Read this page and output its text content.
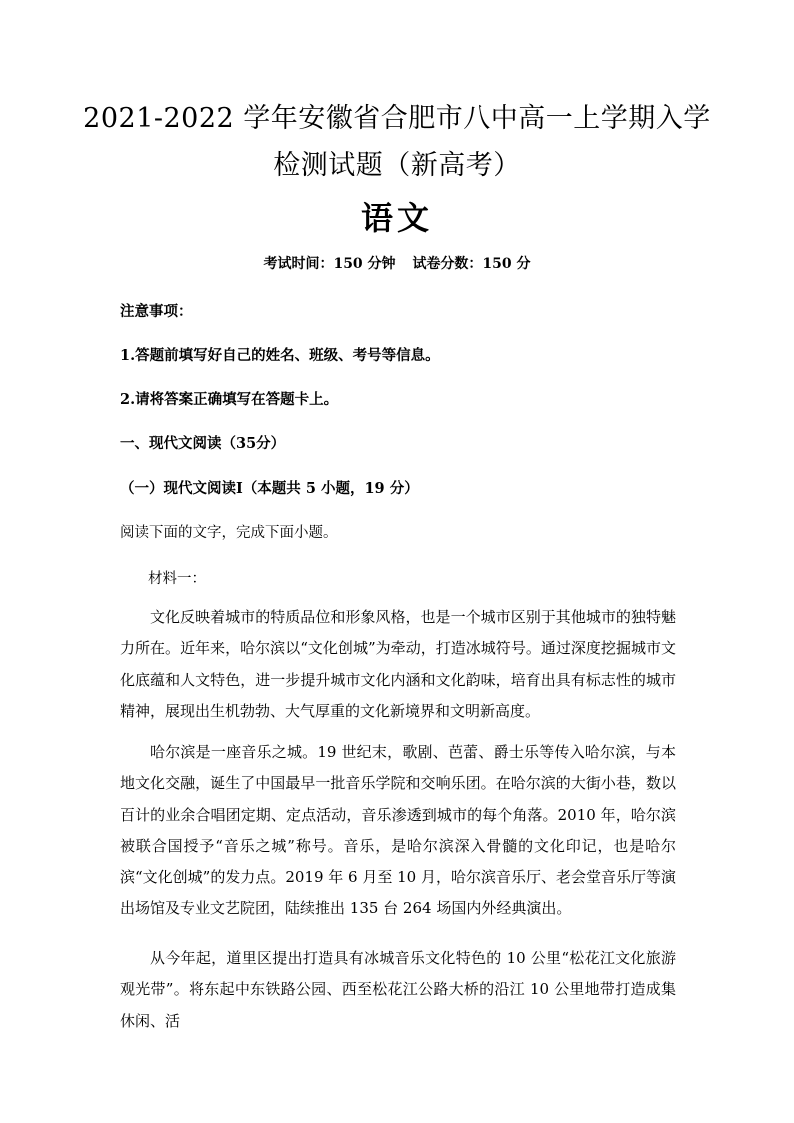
2021-2022 学年安徽省合肥市八中高一上学期入学
检测试题（新高考）
语文
考试时间：150 分钟 试卷分数：150 分
注意事项：
1.答题前填写好自己的姓名、班级、考号等信息。
2.请将答案正确填写在答题卡上。
一、现代文阅读（35分）
（一）现代文阅读Ⅰ（本题共 5 小题，19 分）
阅读下面的文字，完成下面小题。
材料一：

文化反映着城市的特质品位和形象风格，也是一个城市区别于其他城市的独特魅力所在。近年来，哈尔滨以“文化创城”为牵动，打造冰城符号。通过深度挖掘城市文化底蕴和人文特色，进一步提升城市文化内涵和文化韵味，培育出具有标志性的城市精神，展现出生机勃勃、大气厚重的文化新境界和文明新高度。

哈尔滨是一座音乐之城。19 世纪末，歌剧、芭蕾、爵士乐等传入哈尔滨，与本地文化交融，诞生了中国最早一批音乐学院和交响乐团。在哈尔滨的大街小巷，数以百计的业余合唱团定期、定点活动，音乐渗透到城市的每个角落。2010 年，哈尔滨被联合国授予“音乐之城”称号。音乐，是哈尔滨深入骨髓的文化印记，也是哈尔滨“文化创城”的发力点。2019 年 6 月至 10 月，哈尔滨音乐厅、老会堂音乐厅等演出场馆及专业文艺院团，陆续推出 135 台 264 场国内外经典演出。

从今年起，道里区提出打造具有冰城音乐文化特色的 10 公里“松花江文化旅游观光带”。将东起中东铁路公园、西至松花江公路大桥的沿江 10 公里地带打造成集休闲、活
